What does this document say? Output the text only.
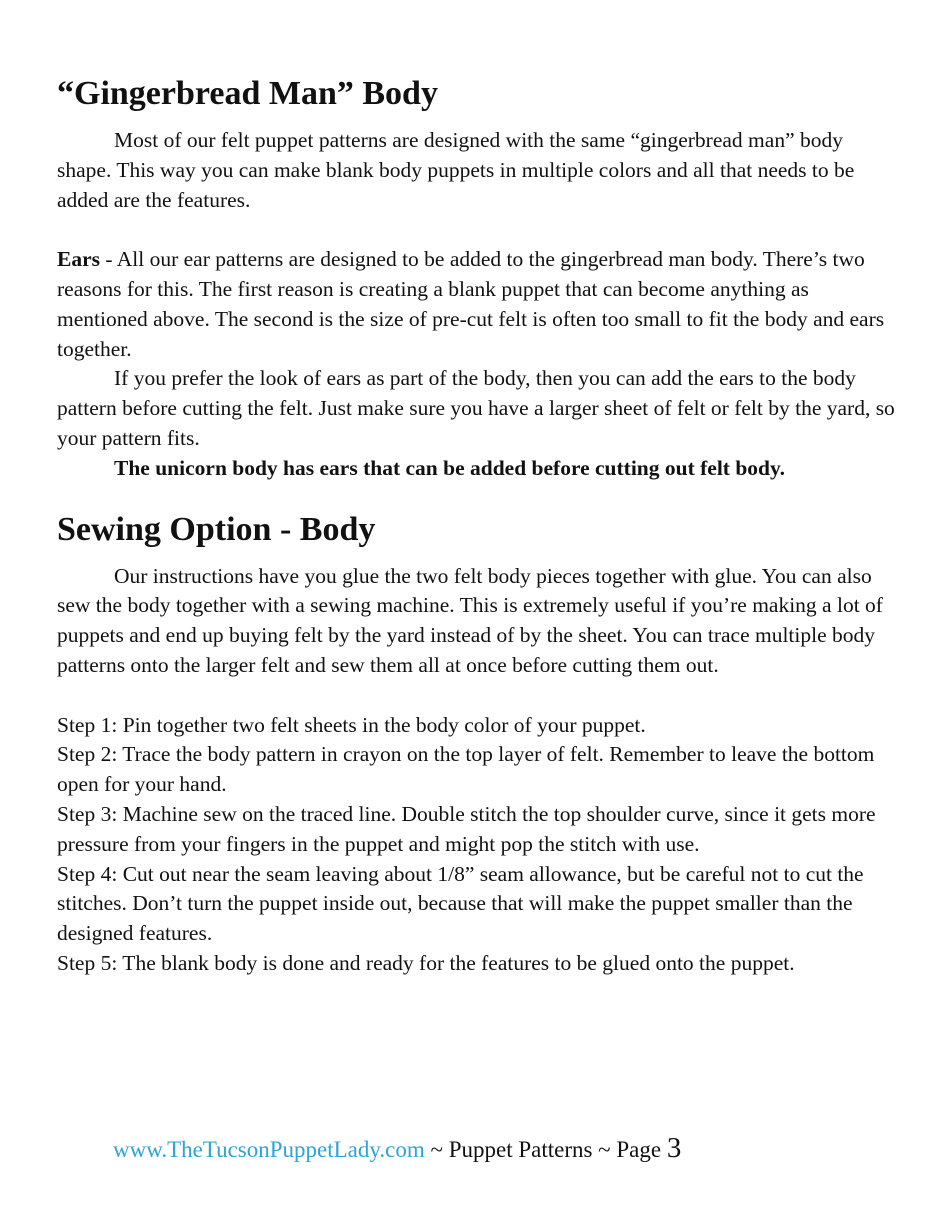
“Gingerbread Man” Body

Most of our felt puppet patterns are designed with the same “gingerbread man” body shape. This way you can make blank body puppets in multiple colors and all that needs to be added are the features.

Ears - All our ear patterns are designed to be added to the gingerbread man body. There’s two reasons for this. The first reason is creating a blank puppet that can become anything as mentioned above. The second is the size of pre-cut felt is often too small to fit the body and ears together.

If you prefer the look of ears as part of the body, then you can add the ears to the body pattern before cutting the felt. Just make sure you have a larger sheet of felt or felt by the yard, so your pattern fits.

The unicorn body has ears that can be added before cutting out felt body.

Sewing Option - Body

Our instructions have you glue the two felt body pieces together with glue. You can also sew the body together with a sewing machine. This is extremely useful if you’re making a lot of puppets and end up buying felt by the yard instead of by the sheet. You can trace multiple body patterns onto the larger felt and sew them all at once before cutting them out.

Step 1: Pin together two felt sheets in the body color of your puppet.

Step 2: Trace the body pattern in crayon on the top layer of felt. Remember to leave the bottom open for your hand.

Step 3: Machine sew on the traced line. Double stitch the top shoulder curve, since it gets more pressure from your fingers in the puppet and might pop the stitch with use.

Step 4: Cut out near the seam leaving about 1/8” seam allowance, but be careful not to cut the stitches. Don’t turn the puppet inside out, because that will make the puppet smaller than the designed features.

Step 5: The blank body is done and ready for the features to be glued onto the puppet.

www.TheTucsonPuppetLady.com ~ Puppet Patterns ~ Page 3
